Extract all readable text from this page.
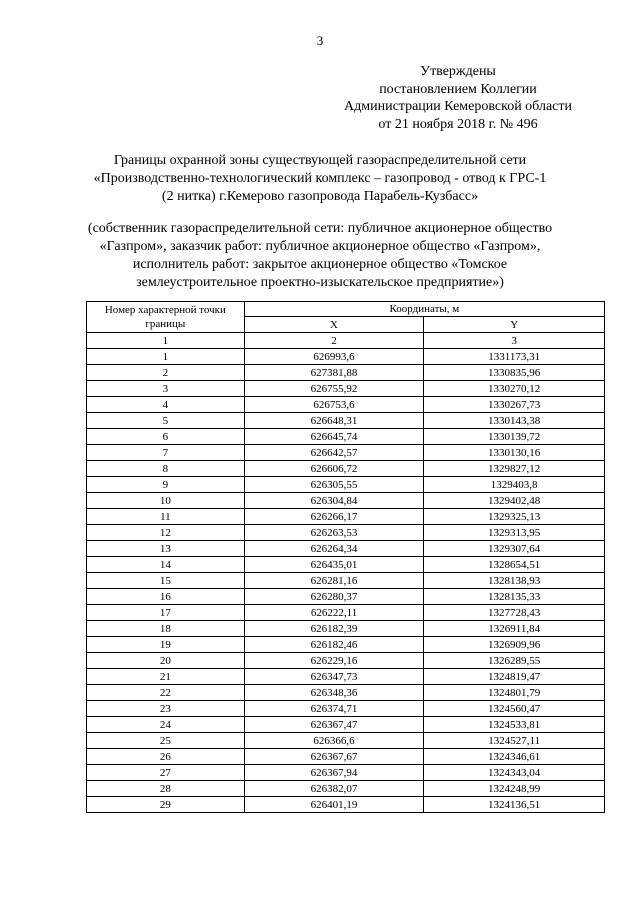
3
Утверждены
постановлением Коллегии
Администрации Кемеровской области
от 21 ноября 2018 г. № 496
Границы охранной зоны существующей газораспределительной сети
«Производственно-технологический комплекс – газопровод - отвод к ГРС-1
(2 нитка) г.Кемерово газопровода Парабель-Кузбасс»
(собственник газораспределительной сети: публичное акционерное общество
«Газпром», заказчик работ: публичное акционерное общество «Газпром»,
исполнитель работ: закрытое акционерное общество «Томское
землеустроительное проектно-изыскательское предприятие»)
Номер характерной точки границы	Координаты, м	
	X	Y
1	2	3
1	626993,6	1331173,31
2	627381,88	1330835,96
3	626755,92	1330270,12
4	626753,6	1330267,73
5	626648,31	1330143,38
6	626645,74	1330139,72
7	626642,57	1330130,16
8	626606,72	1329827,12
9	626305,55	1329403,8
10	626304,84	1329402,48
11	626266,17	1329325,13
12	626263,53	1329313,95
13	626264,34	1329307,64
14	626435,01	1328654,51
15	626281,16	1328138,93
16	626280,37	1328135,33
17	626222,11	1327728,43
18	626182,39	1326911,84
19	626182,46	1326909,96
20	626229,16	1326289,55
21	626347,73	1324819,47
22	626348,36	1324801,79
23	626374,71	1324560,47
24	626367,47	1324533,81
25	626366,6	1324527,11
26	626367,67	1324346,61
27	626367,94	1324343,04
28	626382,07	1324248,99
29	626401,19	1324136,51
